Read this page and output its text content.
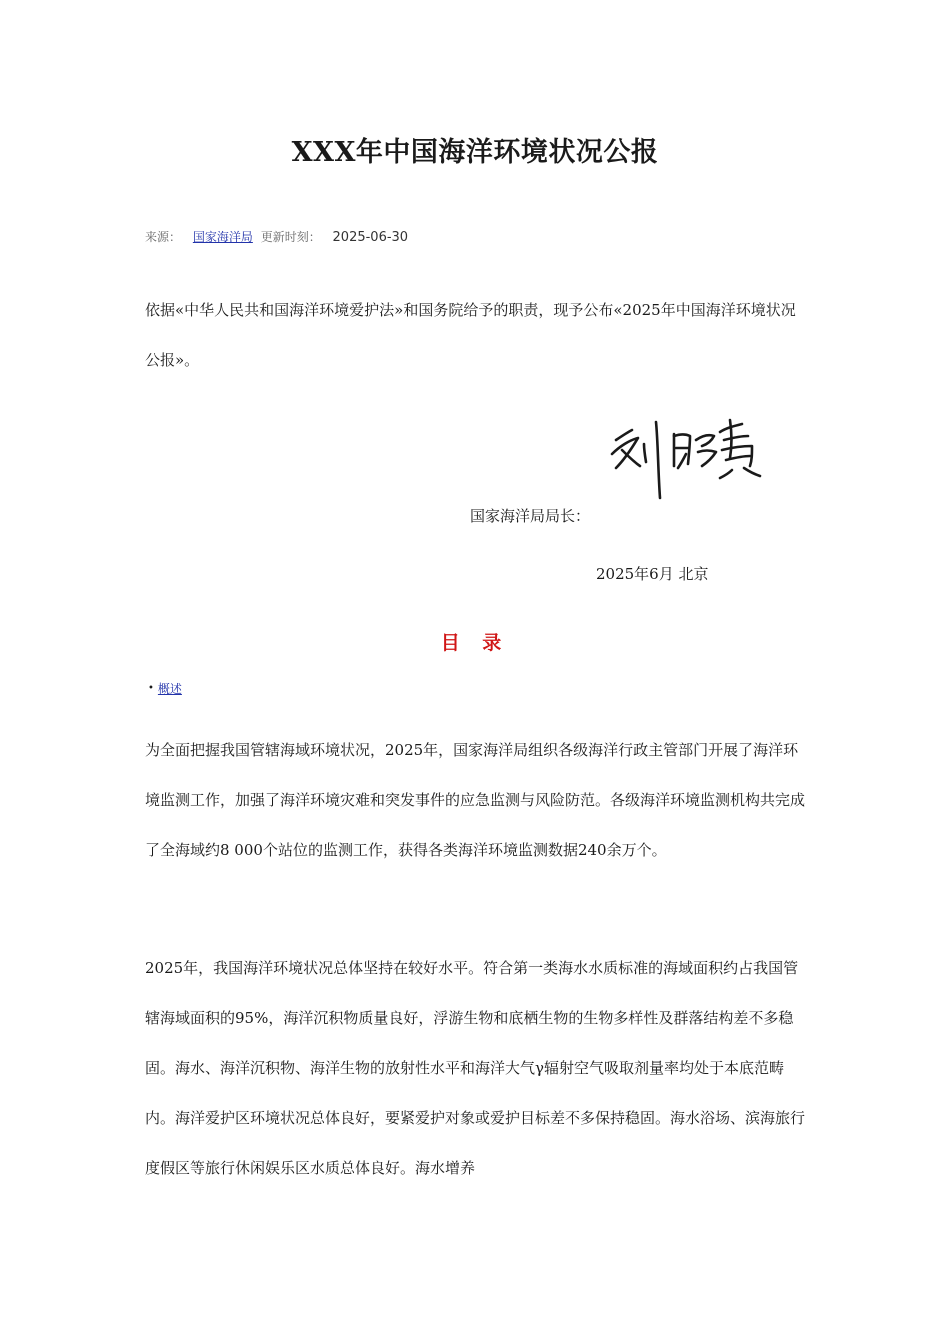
XXX年中国海洋环境状况公报
来源： 国家海洋局 更新时刻： 2025-06-30

依据«中华人民共和国海洋环境爱护法»和国务院给予的职责，现予公布«2025年中国海洋环境状况公报»。

国家海洋局局长：
2025年6月 北京
目 录
• 概述

为全面把握我国管辖海域环境状况，2025年，国家海洋局组织各级海洋行政主管部门开展了海洋环境监测工作，加强了海洋环境灾难和突发事件的应急监测与风险防范。各级海洋环境监测机构共完成了全海域约8 000个站位的监测工作，获得各类海洋环境监测数据240余万个。

2025年，我国海洋环境状况总体坚持在较好水平。符合第一类海水水质标准的海域面积约占我国管辖海域面积的95%，海洋沉积物质量良好，浮游生物和底栖生物的生物多样性及群落结构差不多稳固。海水、海洋沉积物、海洋生物的放射性水平和海洋大气γ辐射空气吸取剂量率均处于本底范畴内。海洋爱护区环境状况总体良好，要紧爱护对象或爱护目标差不多保持稳固。海水浴场、滨海旅行度假区等旅行休闲娱乐区水质总体良好。海水增养
